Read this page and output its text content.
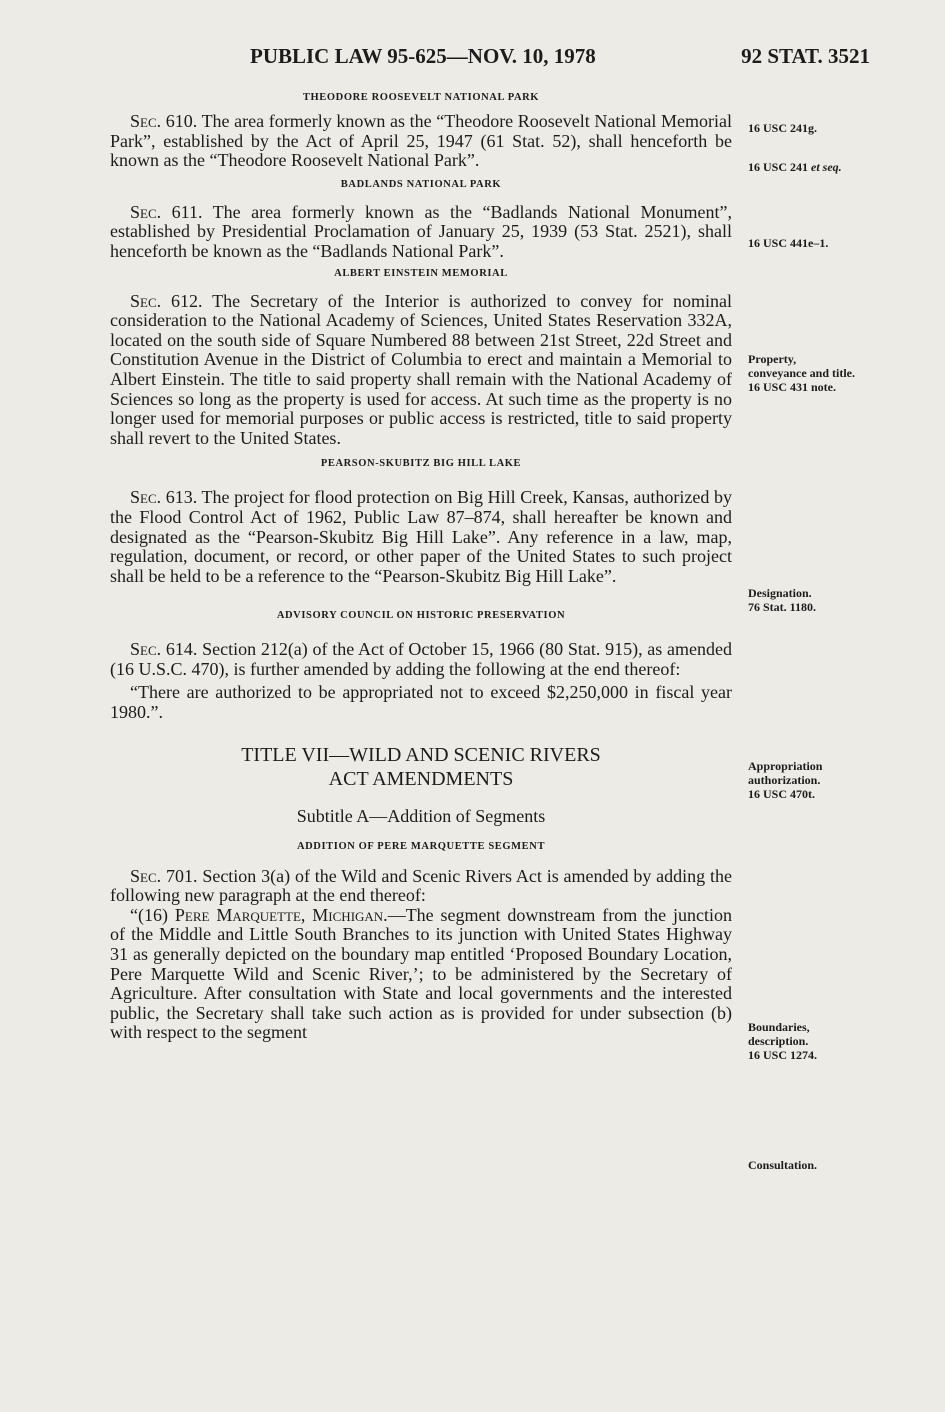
PUBLIC LAW 95-625—NOV. 10, 1978	92 STAT. 3521

THEODORE ROOSEVELT NATIONAL PARK

Sec. 610. The area formerly known as the “Theodore Roosevelt National Memorial Park”, established by the Act of April 25, 1947 (61 Stat. 52), shall henceforth be known as the “Theodore Roosevelt National Park”.

BADLANDS NATIONAL PARK

Sec. 611. The area formerly known as the “Badlands National Monument”, established by Presidential Proclamation of January 25, 1939 (53 Stat. 2521), shall henceforth be known as the “Badlands National Park”.

ALBERT EINSTEIN MEMORIAL

Sec. 612. The Secretary of the Interior is authorized to convey for nominal consideration to the National Academy of Sciences, United States Reservation 332A, located on the south side of Square Numbered 88 between 21st Street, 22d Street and Constitution Avenue in the District of Columbia to erect and maintain a Memorial to Albert Einstein. The title to said property shall remain with the National Academy of Sciences so long as the property is used for access. At such time as the property is no longer used for memorial purposes or public access is restricted, title to said property shall revert to the United States.

PEARSON-SKUBITZ BIG HILL LAKE

Sec. 613. The project for flood protection on Big Hill Creek, Kansas, authorized by the Flood Control Act of 1962, Public Law 87–874, shall hereafter be known and designated as the “Pearson-Skubitz Big Hill Lake”. Any reference in a law, map, regulation, document, or record, or other paper of the United States to such project shall be held to be a reference to the “Pearson-Skubitz Big Hill Lake”.

ADVISORY COUNCIL ON HISTORIC PRESERVATION

Sec. 614. Section 212(a) of the Act of October 15, 1966 (80 Stat. 915), as amended (16 U.S.C. 470), is further amended by adding the following at the end thereof:

“There are authorized to be appropriated not to exceed $2,250,000 in fiscal year 1980.”.

TITLE VII—WILD AND SCENIC RIVERS

ACT AMENDMENTS

Subtitle A—Addition of Segments

ADDITION OF PERE MARQUETTE SEGMENT

Sec. 701. Section 3(a) of the Wild and Scenic Rivers Act is amended by adding the following new paragraph at the end thereof:

“(16) Pere Marquette, Michigan.—The segment downstream from the junction of the Middle and Little South Branches to its junction with United States Highway 31 as generally depicted on the boundary map entitled ‘Proposed Boundary Location, Pere Marquette Wild and Scenic River,’; to be administered by the Secretary of Agriculture. After consultation with State and local governments and the interested public, the Secretary shall take such action as is provided for under subsection (b) with respect to the segment

16 USC 241g.
16 USC 241 et seq.
16 USC 441e–1.
Property,
conveyance and title.
16 USC 431 note.
Designation.
76 Stat. 1180.
Appropriation
authorization.
16 USC 470t.
Boundaries,
description.
16 USC 1274.
Consultation.
